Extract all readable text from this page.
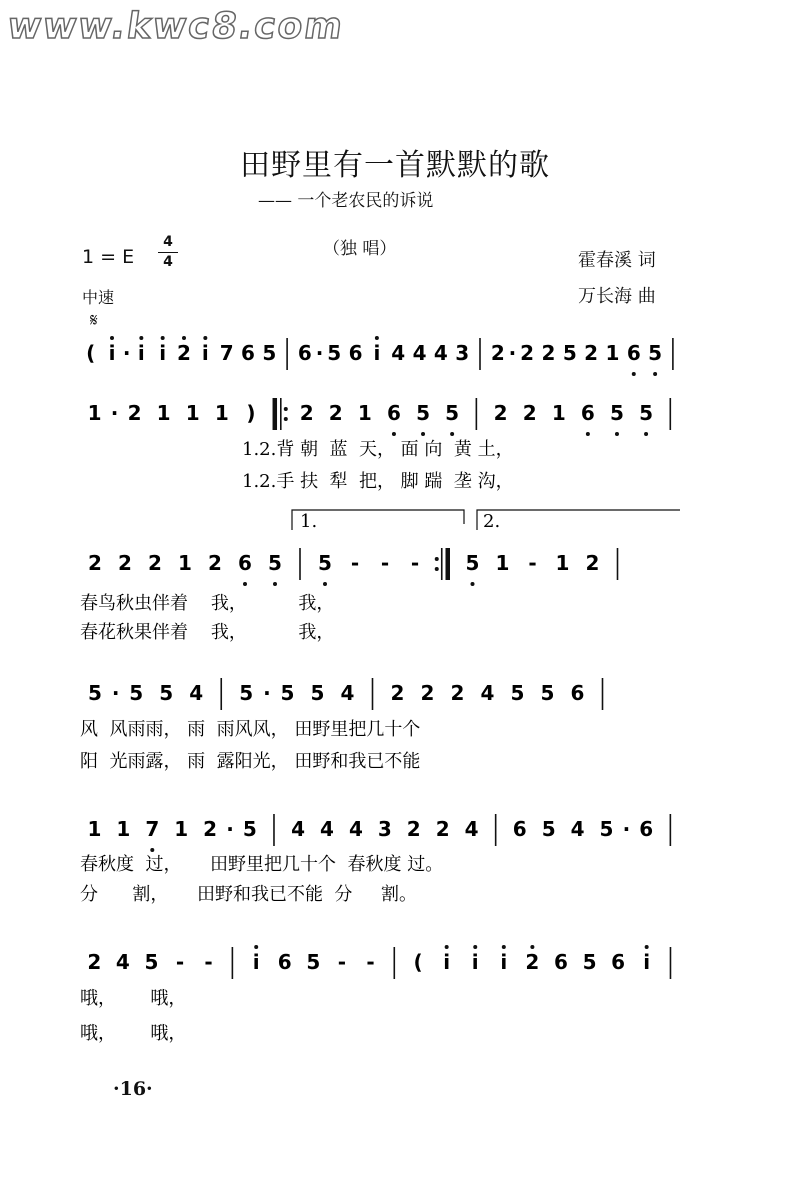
www.kwc8.com
田野里有一首默默的歌
—— 一个老农民的诉说
1 = E $\frac{4}{4}$	（独 唱）
霍春溪 词
万长海 曲
中速
𝄋
( i · i i 2 i 7 6 5 6 · 5 6 i 4 4 4 3 2 · 2 2 5 2 1 6 5
1 · 2 1 1 1 ) 2 2 1 6 5 5 2 2 1 6 5 5
1.2.背 朝  蓝  天， 面 向  黄 土，
1.2.手 扶  犁  把， 脚 踹  垄 沟，
2 2 2 1 2 6 5 5 - - - 5 1 - 1 2
春鸟秋虫伴着    我，         我，
春花秋果伴着    我，         我，
5 · 5 5 4 5 · 5 5 4 2 2 2 4 5 5 6
风  风雨雨， 雨  雨风风， 田野里把几十个
阳  光雨露， 雨  露阳光， 田野和我已不能
1 1 7 1 2 · 5 4 4 4 3 2 2 4 6 5 4 5 · 6
春秋度  过，     田野里把几十个  春秋度 过。
分      割，     田野和我已不能  分     割。
2 4 5 - - i 6 5 - - ( i i i 2 6 5 6 i
哦，      哦，
哦，      哦，
1.	2.
·16·
